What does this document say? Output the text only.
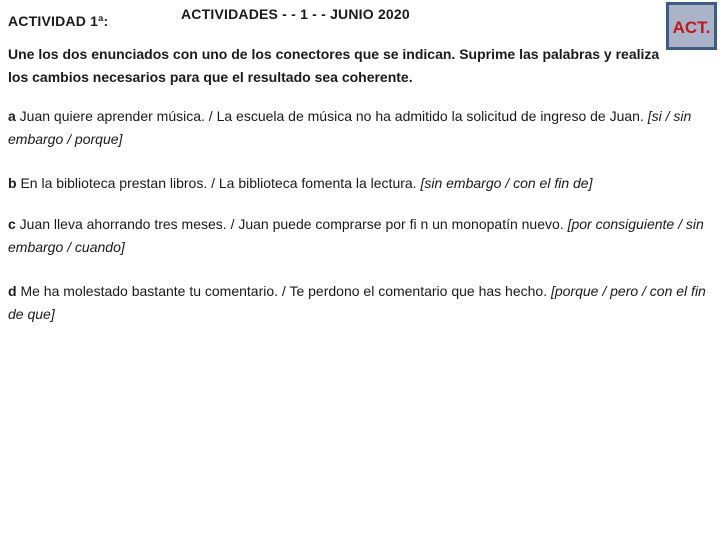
ACTIVIDAD 1ª:	ACTIVIDADES - - 1 - - JUNIO 2020
ACT.

Une los dos enunciados con uno de los conectores que se indican. Suprime las palabras y realiza los cambios necesarios para que el resultado sea coherente.

a Juan quiere aprender música. / La escuela de música no ha admitido la solicitud de ingreso de Juan. [si / sin embargo / porque]

b En la biblioteca prestan libros. / La biblioteca fomenta la lectura. [sin embargo / con el fin de]

c Juan lleva ahorrando tres meses. / Juan puede comprarse por fi n un monopatín nuevo. [por consiguiente / sin embargo / cuando]

d Me ha molestado bastante tu comentario. / Te perdono el comentario que has hecho. [porque / pero / con el fin de que]
